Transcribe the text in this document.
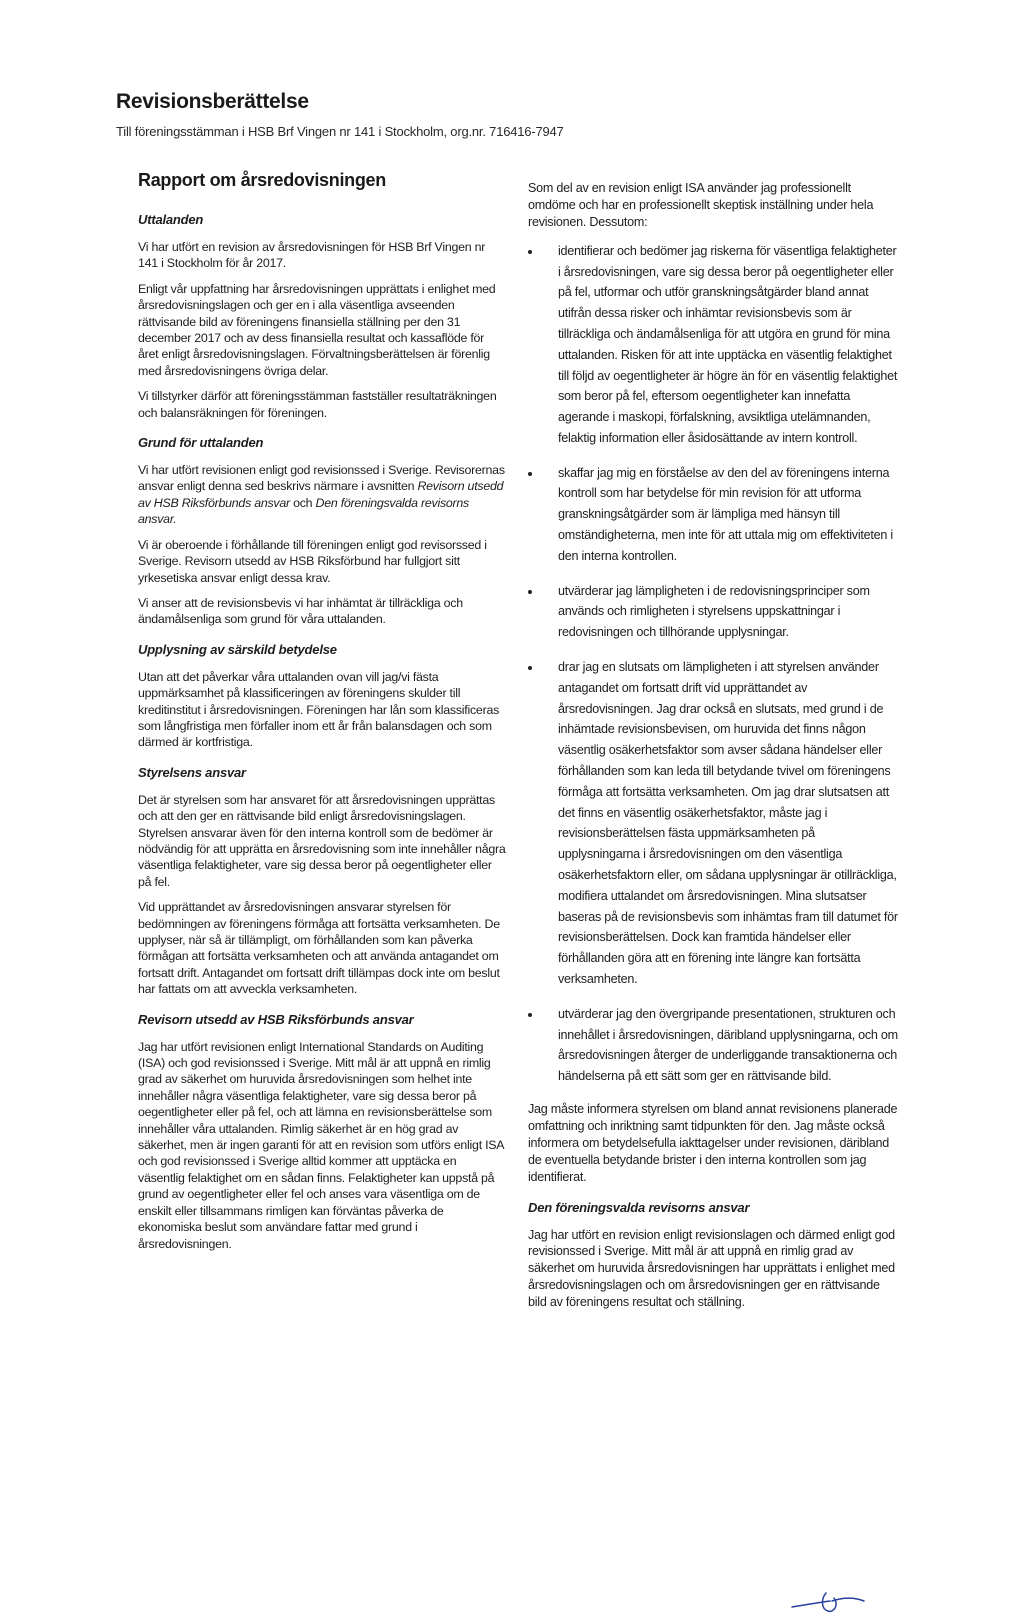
Revisionsberättelse

Till föreningsstämman i HSB Brf Vingen nr 141 i Stockholm, org.nr. 716416-7947

Rapport om årsredovisningen
Uttalanden

Vi har utfört en revision av årsredovisningen för HSB Brf Vingen nr 141 i Stockholm för år 2017.

Enligt vår uppfattning har årsredovisningen upprättats i enlighet med årsredovisningslagen och ger en i alla väsentliga avseenden rättvisande bild av föreningens finansiella ställning per den 31 december 2017 och av dess finansiella resultat och kassaflöde för året enligt årsredovisningslagen. Förvaltningsberättelsen är förenlig med årsredovisningens övriga delar.

Vi tillstyrker därför att föreningsstämman fastställer resultaträkningen och balansräkningen för föreningen.

Grund för uttalanden

Vi har utfört revisionen enligt god revisionssed i Sverige. Revisorernas ansvar enligt denna sed beskrivs närmare i avsnitten Revisorn utsedd av HSB Riksförbunds ansvar och Den föreningsvalda revisorns ansvar.

Vi är oberoende i förhållande till föreningen enligt god revisorssed i Sverige. Revisorn utsedd av HSB Riksförbund har fullgjort sitt yrkesetiska ansvar enligt dessa krav.

Vi anser att de revisionsbevis vi har inhämtat är tillräckliga och ändamålsenliga som grund för våra uttalanden.

Upplysning av särskild betydelse

Utan att det påverkar våra uttalanden ovan vill jag/vi fästa uppmärksamhet på klassificeringen av föreningens skulder till kreditinstitut i årsredovisningen. Föreningen har lån som klassificeras som långfristiga men förfaller inom ett år från balansdagen och som därmed är kortfristiga.

Styrelsens ansvar

Det är styrelsen som har ansvaret för att årsredovisningen upprättas och att den ger en rättvisande bild enligt årsredovisningslagen. Styrelsen ansvarar även för den interna kontroll som de bedömer är nödvändig för att upprätta en årsredovisning som inte innehåller några väsentliga felaktigheter, vare sig dessa beror på oegentligheter eller på fel.

Vid upprättandet av årsredovisningen ansvarar styrelsen för bedömningen av föreningens förmåga att fortsätta verksamheten. De upplyser, när så är tillämpligt, om förhållanden som kan påverka förmågan att fortsätta verksamheten och att använda antagandet om fortsatt drift. Antagandet om fortsatt drift tillämpas dock inte om beslut har fattats om att avveckla verksamheten.

Revisorn utsedd av HSB Riksförbunds ansvar

Jag har utfört revisionen enligt International Standards on Auditing (ISA) och god revisionssed i Sverige. Mitt mål är att uppnå en rimlig grad av säkerhet om huruvida årsredovisningen som helhet inte innehåller några väsentliga felaktigheter, vare sig dessa beror på oegentligheter eller på fel, och att lämna en revisionsberättelse som innehåller våra uttalanden. Rimlig säkerhet är en hög grad av säkerhet, men är ingen garanti för att en revision som utförs enligt ISA och god revisionssed i Sverige alltid kommer att upptäcka en väsentlig felaktighet om en sådan finns. Felaktigheter kan uppstå på grund av oegentligheter eller fel och anses vara väsentliga om de enskilt eller tillsammans rimligen kan förväntas påverka de ekonomiska beslut som användare fattar med grund i årsredovisningen.

Som del av en revision enligt ISA använder jag professionellt omdöme och har en professionellt skeptisk inställning under hela revisionen. Dessutom:

identifierar och bedömer jag riskerna för väsentliga felaktigheter i årsredovisningen, vare sig dessa beror på oegentligheter eller på fel, utformar och utför granskningsåtgärder bland annat utifrån dessa risker och inhämtar revisionsbevis som är tillräckliga och ändamålsenliga för att utgöra en grund för mina uttalanden. Risken för att inte upptäcka en väsentlig felaktighet till följd av oegentligheter är högre än för en väsentlig felaktighet som beror på fel, eftersom oegentligheter kan innefatta agerande i maskopi, förfalskning, avsiktliga utelämnanden, felaktig information eller åsidosättande av intern kontroll.
skaffar jag mig en förståelse av den del av föreningens interna kontroll som har betydelse för min revision för att utforma granskningsåtgärder som är lämpliga med hänsyn till omständigheterna, men inte för att uttala mig om effektiviteten i den interna kontrollen.
utvärderar jag lämpligheten i de redovisningsprinciper som används och rimligheten i styrelsens uppskattningar i redovisningen och tillhörande upplysningar.
drar jag en slutsats om lämpligheten i att styrelsen använder antagandet om fortsatt drift vid upprättandet av årsredovisningen. Jag drar också en slutsats, med grund i de inhämtade revisionsbevisen, om huruvida det finns någon väsentlig osäkerhetsfaktor som avser sådana händelser eller förhållanden som kan leda till betydande tvivel om föreningens förmåga att fortsätta verksamheten. Om jag drar slutsatsen att det finns en väsentlig osäkerhetsfaktor, måste jag i revisionsberättelsen fästa uppmärksamheten på upplysningarna i årsredovisningen om den väsentliga osäkerhetsfaktorn eller, om sådana upplysningar är otillräckliga, modifiera uttalandet om årsredovisningen. Mina slutsatser baseras på de revisionsbevis som inhämtas fram till datumet för revisionsberättelsen. Dock kan framtida händelser eller förhållanden göra att en förening inte längre kan fortsätta verksamheten.
utvärderar jag den övergripande presentationen, strukturen och innehållet i årsredovisningen, däribland upplysningarna, och om årsredovisningen återger de underliggande transaktionerna och händelserna på ett sätt som ger en rättvisande bild.

Jag måste informera styrelsen om bland annat revisionens planerade omfattning och inriktning samt tidpunkten för den. Jag måste också informera om betydelsefulla iakttagelser under revisionen, däribland de eventuella betydande brister i den interna kontrollen som jag identifierat.

Den föreningsvalda revisorns ansvar

Jag har utfört en revision enligt revisionslagen och därmed enligt god revisionssed i Sverige. Mitt mål är att uppnå en rimlig grad av säkerhet om huruvida årsredovisningen har upprättats i enlighet med årsredovisningslagen och om årsredovisningen ger en rättvisande bild av föreningens resultat och ställning.
